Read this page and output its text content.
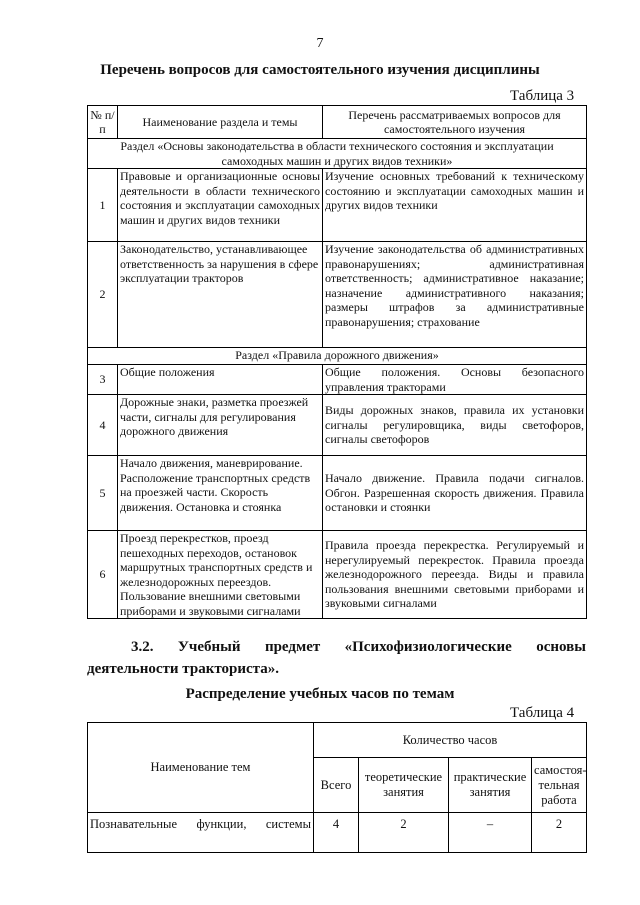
7
Перечень вопросов для самостоятельного изучения дисциплины
Таблица 3
№ п/п	Наименование раздела и темы	Перечень рассматриваемых вопросов для самостоятельного изучения
Раздел «Основы законодательства в области технического состояния и эксплуатации самоходных машин и других видов техники»		
1	Правовые и организационные основы деятельности в области технического состояния и эксплуатации самоходных машин и других видов техники	Изучение основных требований к техническому состоянию и эксплуатации самоходных машин и других видов техники
2	Законодательство, устанавливающее ответственность за нарушения в сфере эксплуатации тракторов	Изучение законодательства об административных правонарушениях; административная ответственность; административное наказание; назначение административного наказания; размеры штрафов за административные правонарушения; страхование
Раздел «Правила дорожного движения»		
3	Общие положения	Общие положения. Основы безопасного управления тракторами
4	Дорожные знаки, разметка проезжей части, сигналы для регулирования дорожного движения	Виды дорожных знаков, правила их установки сигналы регулировщика, виды светофоров, сигналы светофоров
5	Начало движения, маневрирование. Расположение транспортных средств на проезжей части. Скорость движения. Остановка и стоянка	Начало движение. Правила подачи сигналов. Обгон. Разрешенная скорость движения. Правила остановки и стоянки
6	Проезд перекрестков, проезд пешеходных переходов, остановок маршрутных транспортных средств и железнодорожных переездов. Пользование внешними световыми приборами и звуковыми сигналами	Правила проезда перекрестка. Регулируемый и нерегулируемый перекресток. Правила проезда железнодорожного переезда. Виды и правила пользования внешними световыми приборами и звуковыми сигналами
3.2. Учебный предмет «Психофизиологические основы
деятельности тракториста».
Распределение учебных часов по темам
Таблица 4
Наименование тем	Количество часов			
	Всего	теоретические занятия	практические занятия	самостоя-тельная работа
Познавательные функции, системы	4	2	–	2
